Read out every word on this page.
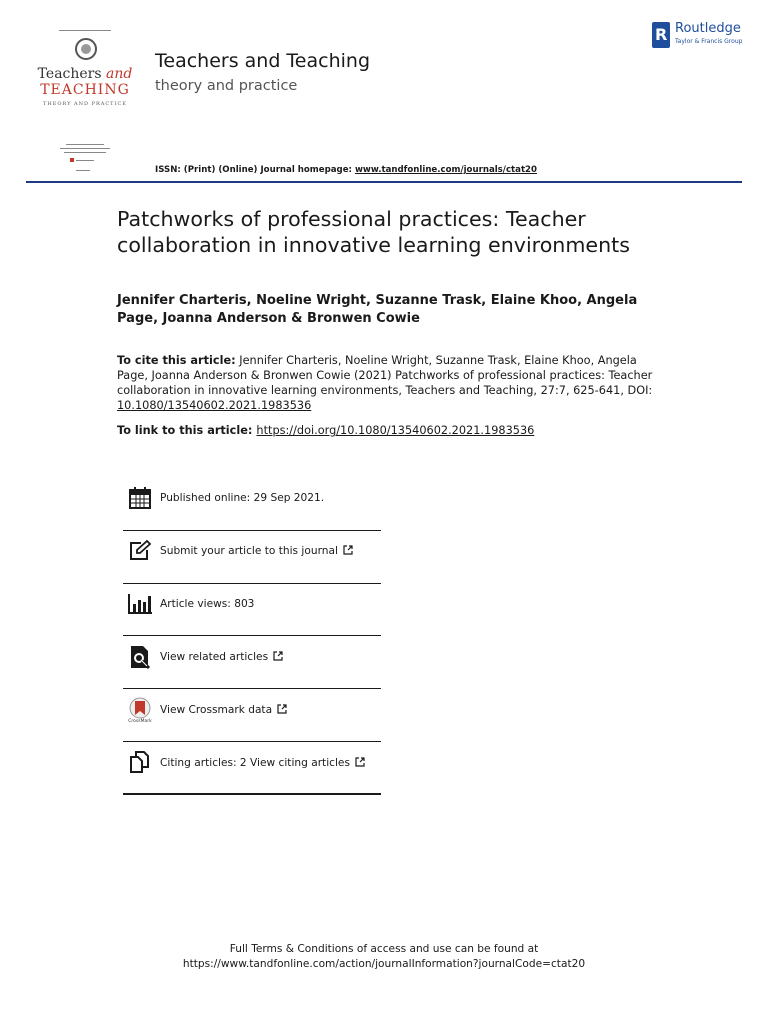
Teachers and
TEACHING
THEORY AND PRACTICE
Teachers and Teaching
theory and practice
R
Routledge
Taylor & Francis Group
ISSN: (Print) (Online) Journal homepage: www.tandfonline.com/journals/ctat20
Patchworks of professional practices: Teacher collaboration in innovative learning environments
Jennifer Charteris, Noeline Wright, Suzanne Trask, Elaine Khoo, Angela Page, Joanna Anderson & Bronwen Cowie
To cite this article: Jennifer Charteris, Noeline Wright, Suzanne Trask, Elaine Khoo, Angela Page, Joanna Anderson & Bronwen Cowie (2021) Patchworks of professional practices: Teacher collaboration in innovative learning environments, Teachers and Teaching, 27:7, 625-641, DOI: 10.1080/13540602.2021.1983536
To link to this article: https://doi.org/10.1080/13540602.2021.1983536
Published online: 29 Sep 2021.
Submit your article to this journal
Article views: 803
View related articles
CrossMark
View Crossmark data
Citing articles: 2 View citing articles
Full Terms & Conditions of access and use can be found at
https://www.tandfonline.com/action/journalInformation?journalCode=ctat20
